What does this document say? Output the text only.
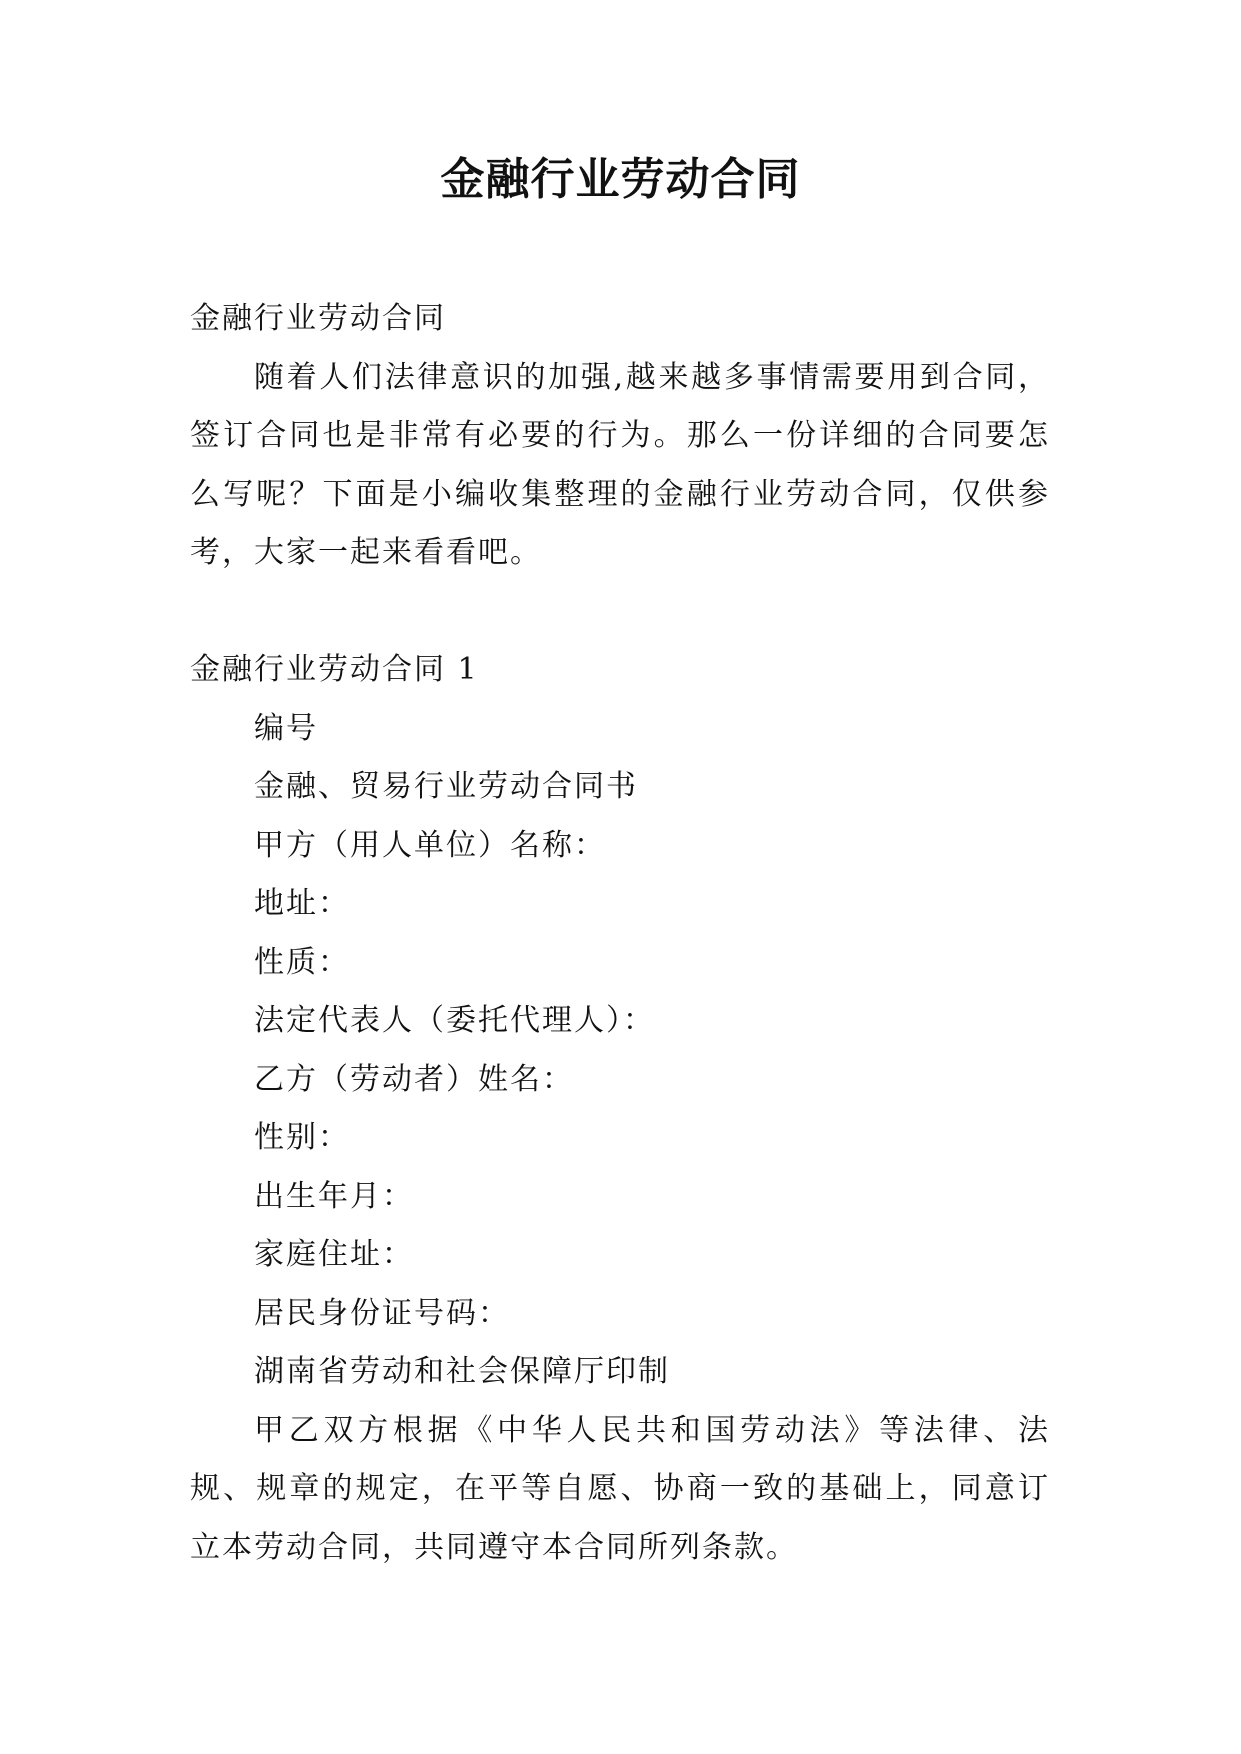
金融行业劳动合同

金融行业劳动合同

随着人们法律意识的加强,越来越多事情需要用到合同，签订合同也是非常有必要的行为。那么一份详细的合同要怎么写呢？下面是小编收集整理的金融行业劳动合同，仅供参考，大家一起来看看吧。

金融行业劳动合同 1

编号

金融、贸易行业劳动合同书

甲方（用人单位）名称：

地址：

性质：

法定代表人（委托代理人）：

乙方（劳动者）姓名：

性别：

出生年月：

家庭住址：

居民身份证号码：

湖南省劳动和社会保障厅印制

甲乙双方根据《中华人民共和国劳动法》等法律、法规、规章的规定，在平等自愿、协商一致的基础上，同意订立本劳动合同，共同遵守本合同所列条款。
